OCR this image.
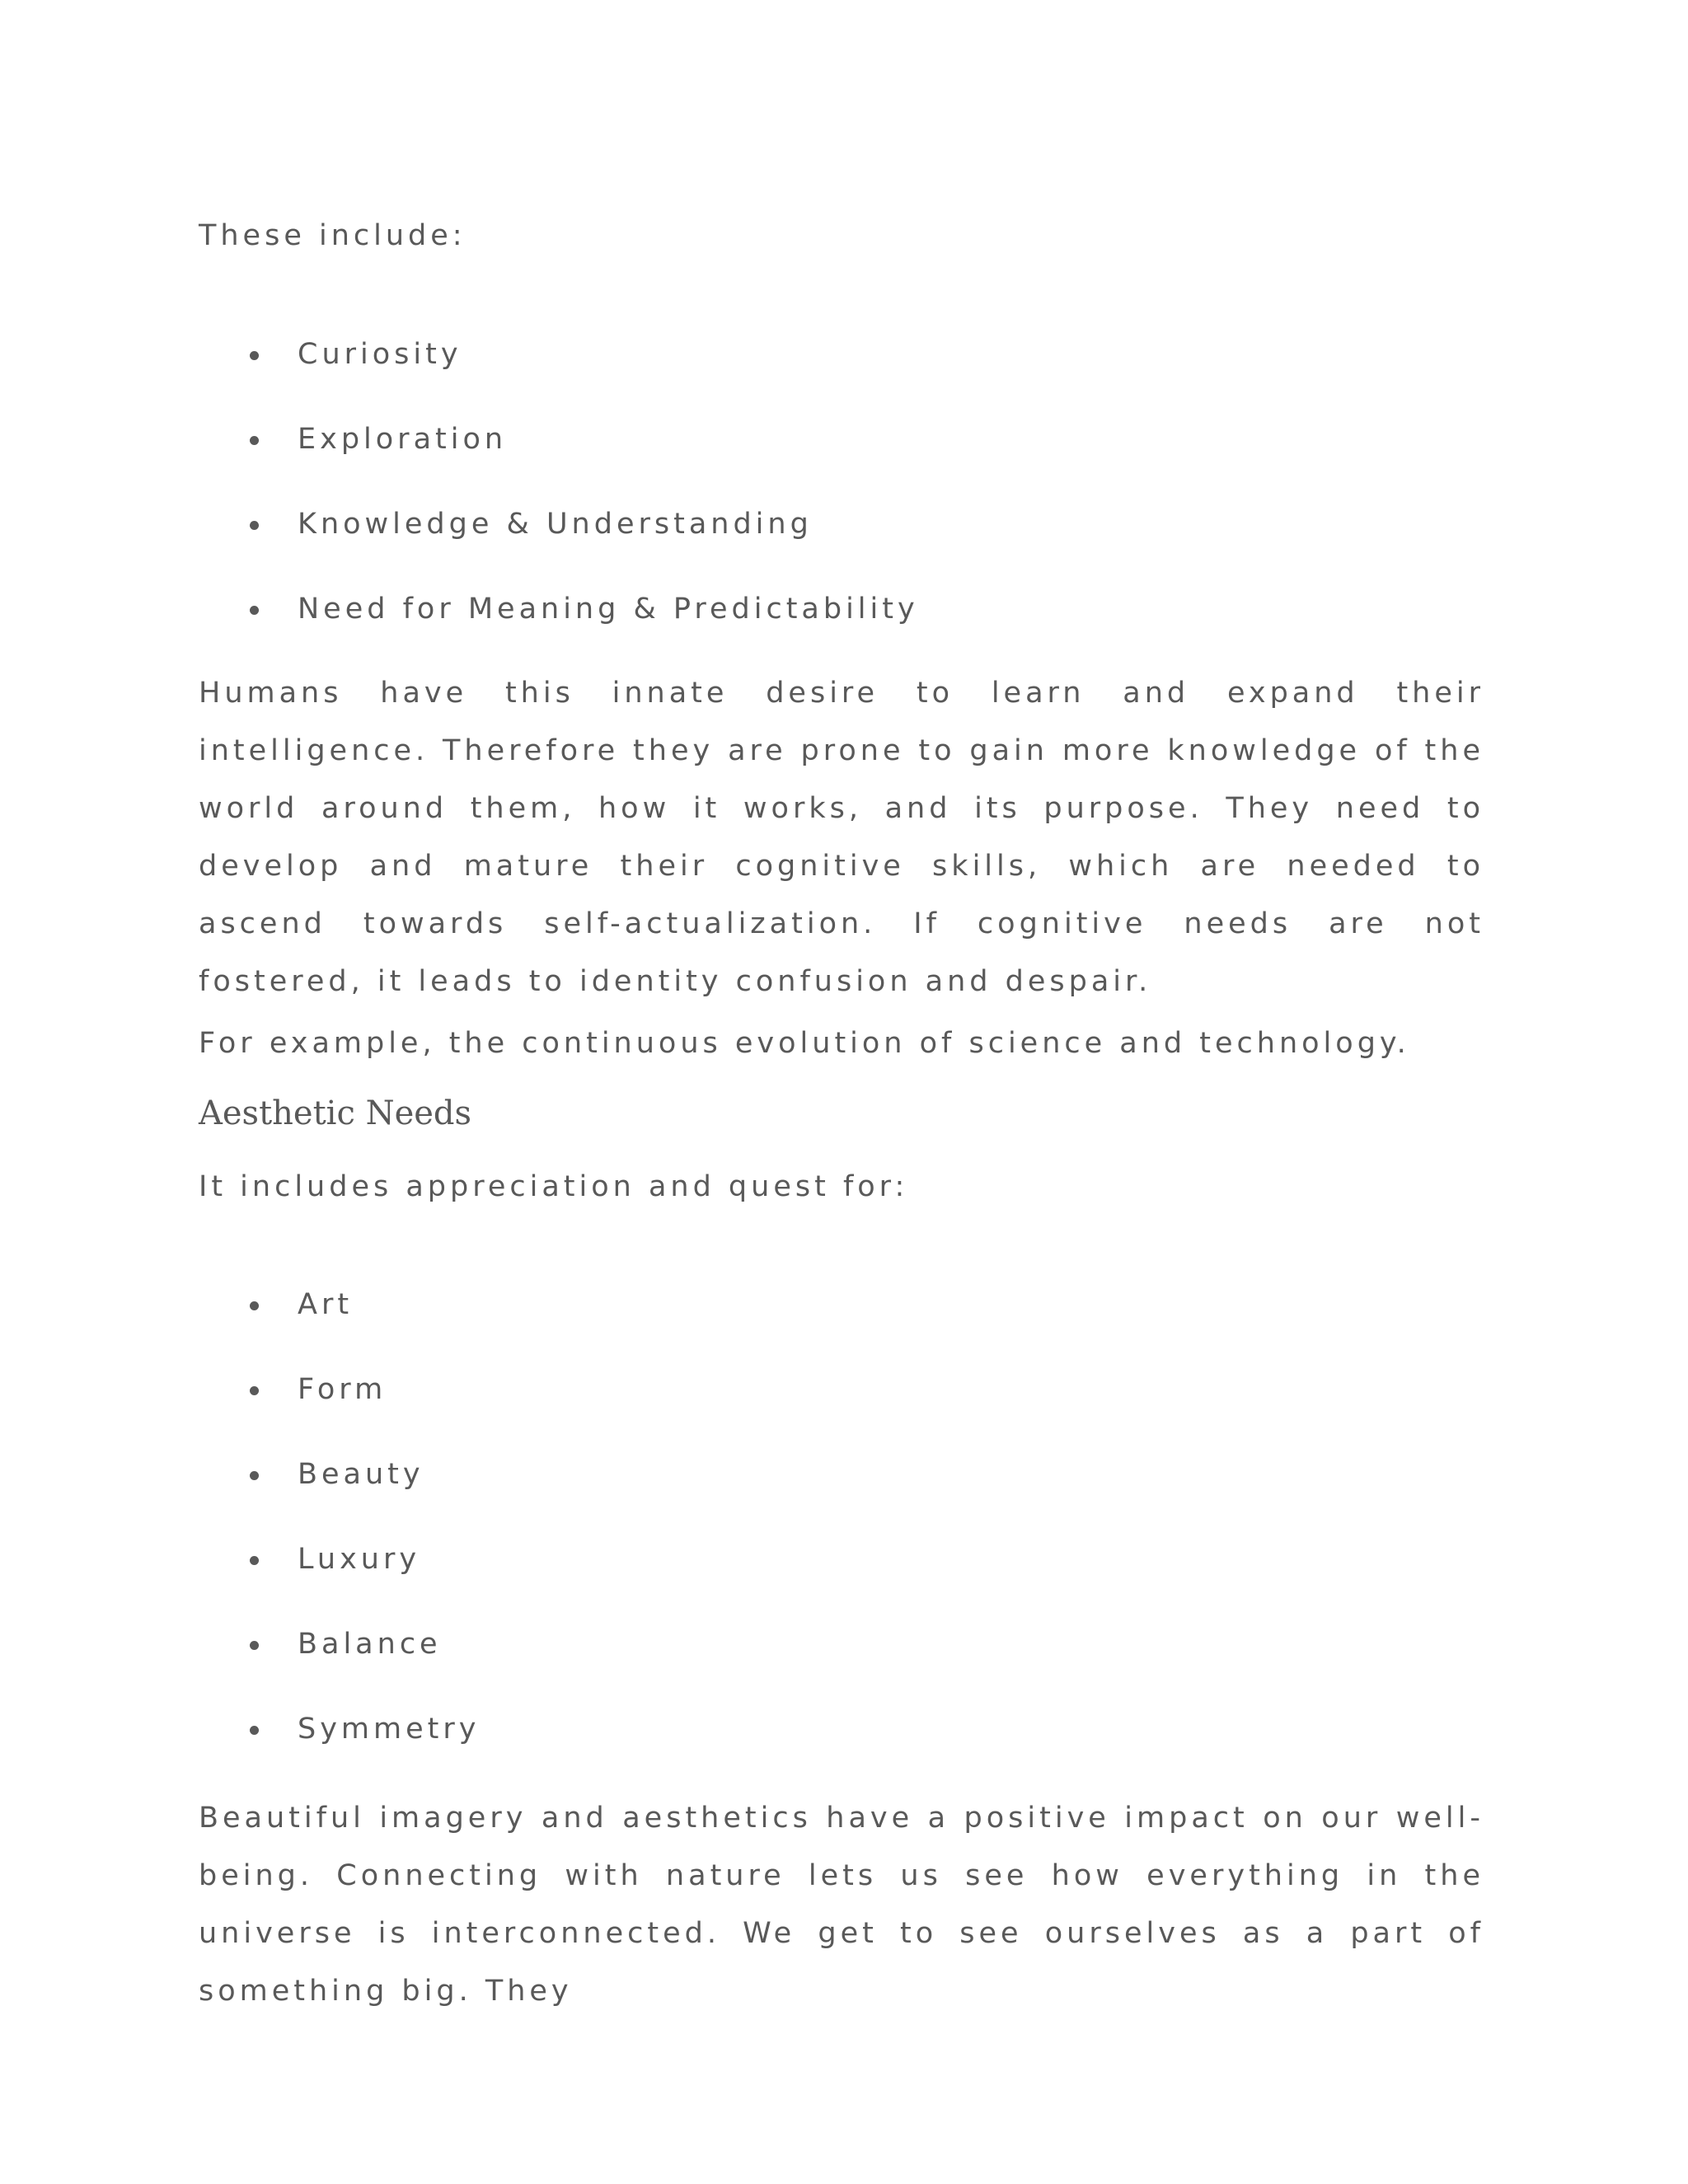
These include:

Curiosity
Exploration
Knowledge & Understanding
Need for Meaning & Predictability

Humans have this innate desire to learn and expand their intelligence. Therefore they are prone to gain more knowledge of the world around them, how it works, and its purpose. They need to develop and mature their cognitive skills, which are needed to ascend towards self-actualization. If cognitive needs are not fostered, it leads to identity confusion and despair.

For example, the continuous evolution of science and technology.

Aesthetic Needs

It includes appreciation and quest for:

Art
Form
Beauty
Luxury
Balance
Symmetry

Beautiful imagery and aesthetics have a positive impact on our well-being. Connecting with nature lets us see how everything in the universe is interconnected. We get to see ourselves as a part of something big. They
